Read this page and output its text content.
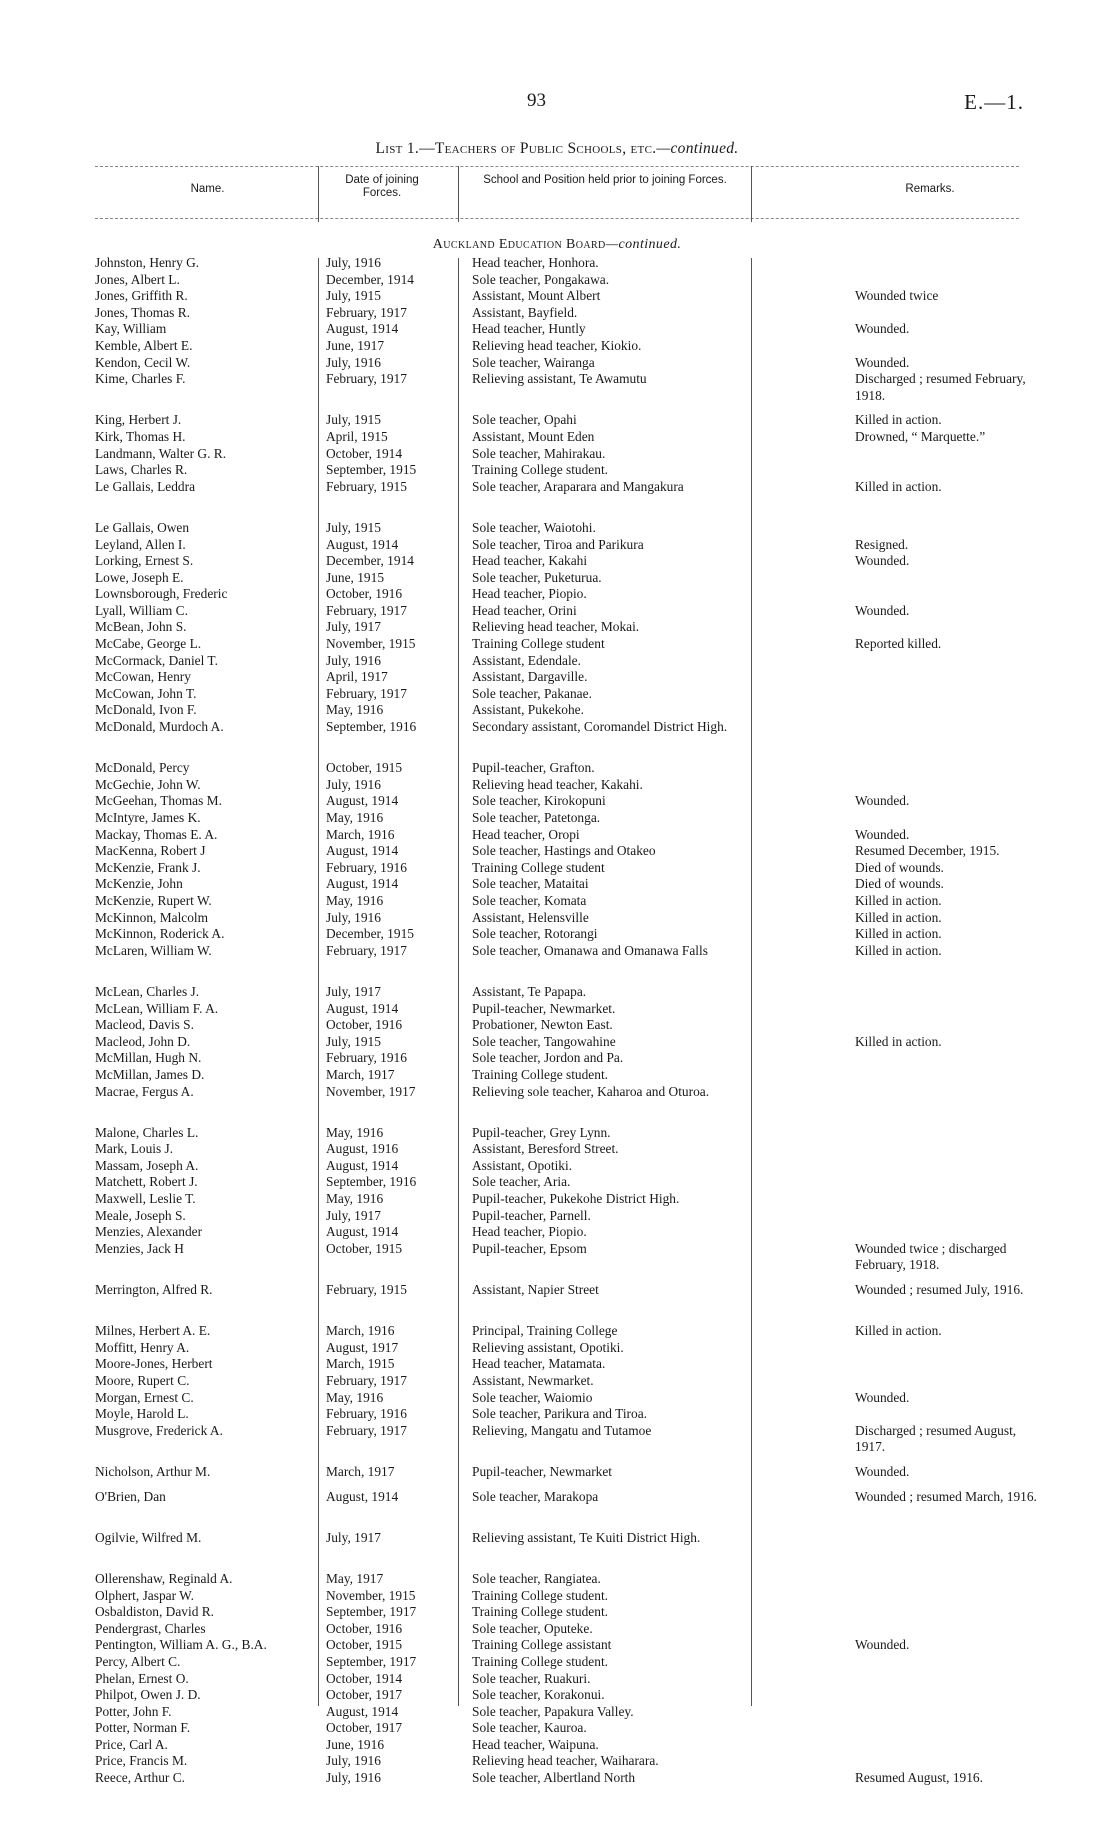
93	E.—1.
List 1.—Teachers of Public Schools, etc.—continued.
Name.
Date of joining Forces.
School and Position held prior to joining Forces.
Remarks.
Auckland Education Board—continued.
Johnston, Henry G.	July, 1916	Head teacher, Honhora.
Jones, Albert L.	December, 1914	Sole teacher, Pongakawa.
Jones, Griffith R.	July, 1915	Assistant, Mount Albert	Wounded twice
Jones, Thomas R.	February, 1917	Assistant, Bayfield.
Kay, William	August, 1914	Head teacher, Huntly	Wounded.
Kemble, Albert E.	June, 1917	Relieving head teacher, Kiokio.
Kendon, Cecil W.	July, 1916	Sole teacher, Wairanga	Wounded.
Kime, Charles F.	February, 1917	Relieving assistant, Te Awamutu	Discharged ; resumed February, 1918.
King, Herbert J.	July, 1915	Sole teacher, Opahi	Killed in action.
Kirk, Thomas H.	April, 1915	Assistant, Mount Eden	Drowned, “ Marquette.”
Landmann, Walter G. R.	October, 1914	Sole teacher, Mahirakau.
Laws, Charles R.	September, 1915	Training College student.
Le Gallais, Leddra	February, 1915	Sole teacher, Araparara and Mangakura	Killed in action.
Le Gallais, Owen	July, 1915	Sole teacher, Waiotohi.
Leyland, Allen I.	August, 1914	Sole teacher, Tiroa and Parikura	Resigned.
Lorking, Ernest S.	December, 1914	Head teacher, Kakahi	Wounded.
Lowe, Joseph E.	June, 1915	Sole teacher, Puketurua.
Lownsborough, Frederic	October, 1916	Head teacher, Piopio.
Lyall, William C.	February, 1917	Head teacher, Orini	Wounded.
McBean, John S.	July, 1917	Relieving head teacher, Mokai.
McCabe, George L.	November, 1915	Training College student	Reported killed.
McCormack, Daniel T.	July, 1916	Assistant, Edendale.
McCowan, Henry	April, 1917	Assistant, Dargaville.
McCowan, John T.	February, 1917	Sole teacher, Pakanae.
McDonald, Ivon F.	May, 1916	Assistant, Pukekohe.
McDonald, Murdoch A.	September, 1916	Secondary assistant, Coromandel District High.
McDonald, Percy	October, 1915	Pupil-teacher, Grafton.
McGechie, John W.	July, 1916	Relieving head teacher, Kakahi.
McGeehan, Thomas M.	August, 1914	Sole teacher, Kirokopuni	Wounded.
McIntyre, James K.	May, 1916	Sole teacher, Patetonga.
Mackay, Thomas E. A.	March, 1916	Head teacher, Oropi	Wounded.
MacKenna, Robert J	August, 1914	Sole teacher, Hastings and Otakeo	Resumed December, 1915.
McKenzie, Frank J.	February, 1916	Training College student	Died of wounds.
McKenzie, John	August, 1914	Sole teacher, Mataitai	Died of wounds.
McKenzie, Rupert W.	May, 1916	Sole teacher, Komata	Killed in action.
McKinnon, Malcolm	July, 1916	Assistant, Helensville	Killed in action.
McKinnon, Roderick A.	December, 1915	Sole teacher, Rotorangi	Killed in action.
McLaren, William W.	February, 1917	Sole teacher, Omanawa and Omanawa Falls	Killed in action.
McLean, Charles J.	July, 1917	Assistant, Te Papapa.
McLean, William F. A.	August, 1914	Pupil-teacher, Newmarket.
Macleod, Davis S.	October, 1916	Probationer, Newton East.
Macleod, John D.	July, 1915	Sole teacher, Tangowahine	Killed in action.
McMillan, Hugh N.	February, 1916	Sole teacher, Jordon and Pa.
McMillan, James D.	March, 1917	Training College student.
Macrae, Fergus A.	November, 1917	Relieving sole teacher, Kaharoa and Oturoa.
Malone, Charles L.	May, 1916	Pupil-teacher, Grey Lynn.
Mark, Louis J.	August, 1916	Assistant, Beresford Street.
Massam, Joseph A.	August, 1914	Assistant, Opotiki.
Matchett, Robert J.	September, 1916	Sole teacher, Aria.
Maxwell, Leslie T.	May, 1916	Pupil-teacher, Pukekohe District High.
Meale, Joseph S.	July, 1917	Pupil-teacher, Parnell.
Menzies, Alexander	August, 1914	Head teacher, Piopio.
Menzies, Jack H	October, 1915	Pupil-teacher, Epsom	Wounded twice ; discharged February, 1918.
Merrington, Alfred R.	February, 1915	Assistant, Napier Street	Wounded ; resumed July, 1916.
Milnes, Herbert A. E.	March, 1916	Principal, Training College	Killed in action.
Moffitt, Henry A.	August, 1917	Relieving assistant, Opotiki.
Moore-Jones, Herbert	March, 1915	Head teacher, Matamata.
Moore, Rupert C.	February, 1917	Assistant, Newmarket.
Morgan, Ernest C.	May, 1916	Sole teacher, Waiomio	Wounded.
Moyle, Harold L.	February, 1916	Sole teacher, Parikura and Tiroa.
Musgrove, Frederick A.	February, 1917	Relieving, Mangatu and Tutamoe	Discharged ; resumed August, 1917.
Nicholson, Arthur M.	March, 1917	Pupil-teacher, Newmarket	Wounded.
O'Brien, Dan	August, 1914	Sole teacher, Marakopa	Wounded ; resumed March, 1916.
Ogilvie, Wilfred M.	July, 1917	Relieving assistant, Te Kuiti District High.
Ollerenshaw, Reginald A.	May, 1917	Sole teacher, Rangiatea.
Olphert, Jaspar W.	November, 1915	Training College student.
Osbaldiston, David R.	September, 1917	Training College student.
Pendergrast, Charles	October, 1916	Sole teacher, Oputeke.
Pentington, William A. G., B.A.	October, 1915	Training College assistant	Wounded.
Percy, Albert C.	September, 1917	Training College student.
Phelan, Ernest O.	October, 1914	Sole teacher, Ruakuri.
Philpot, Owen J. D.	October, 1917	Sole teacher, Korakonui.
Potter, John F.	August, 1914	Sole teacher, Papakura Valley.
Potter, Norman F.	October, 1917	Sole teacher, Kauroa.
Price, Carl A.	June, 1916	Head teacher, Waipuna.
Price, Francis M.	July, 1916	Relieving head teacher, Waiharara.
Reece, Arthur C.	July, 1916	Sole teacher, Albertland North	Resumed August, 1916.
